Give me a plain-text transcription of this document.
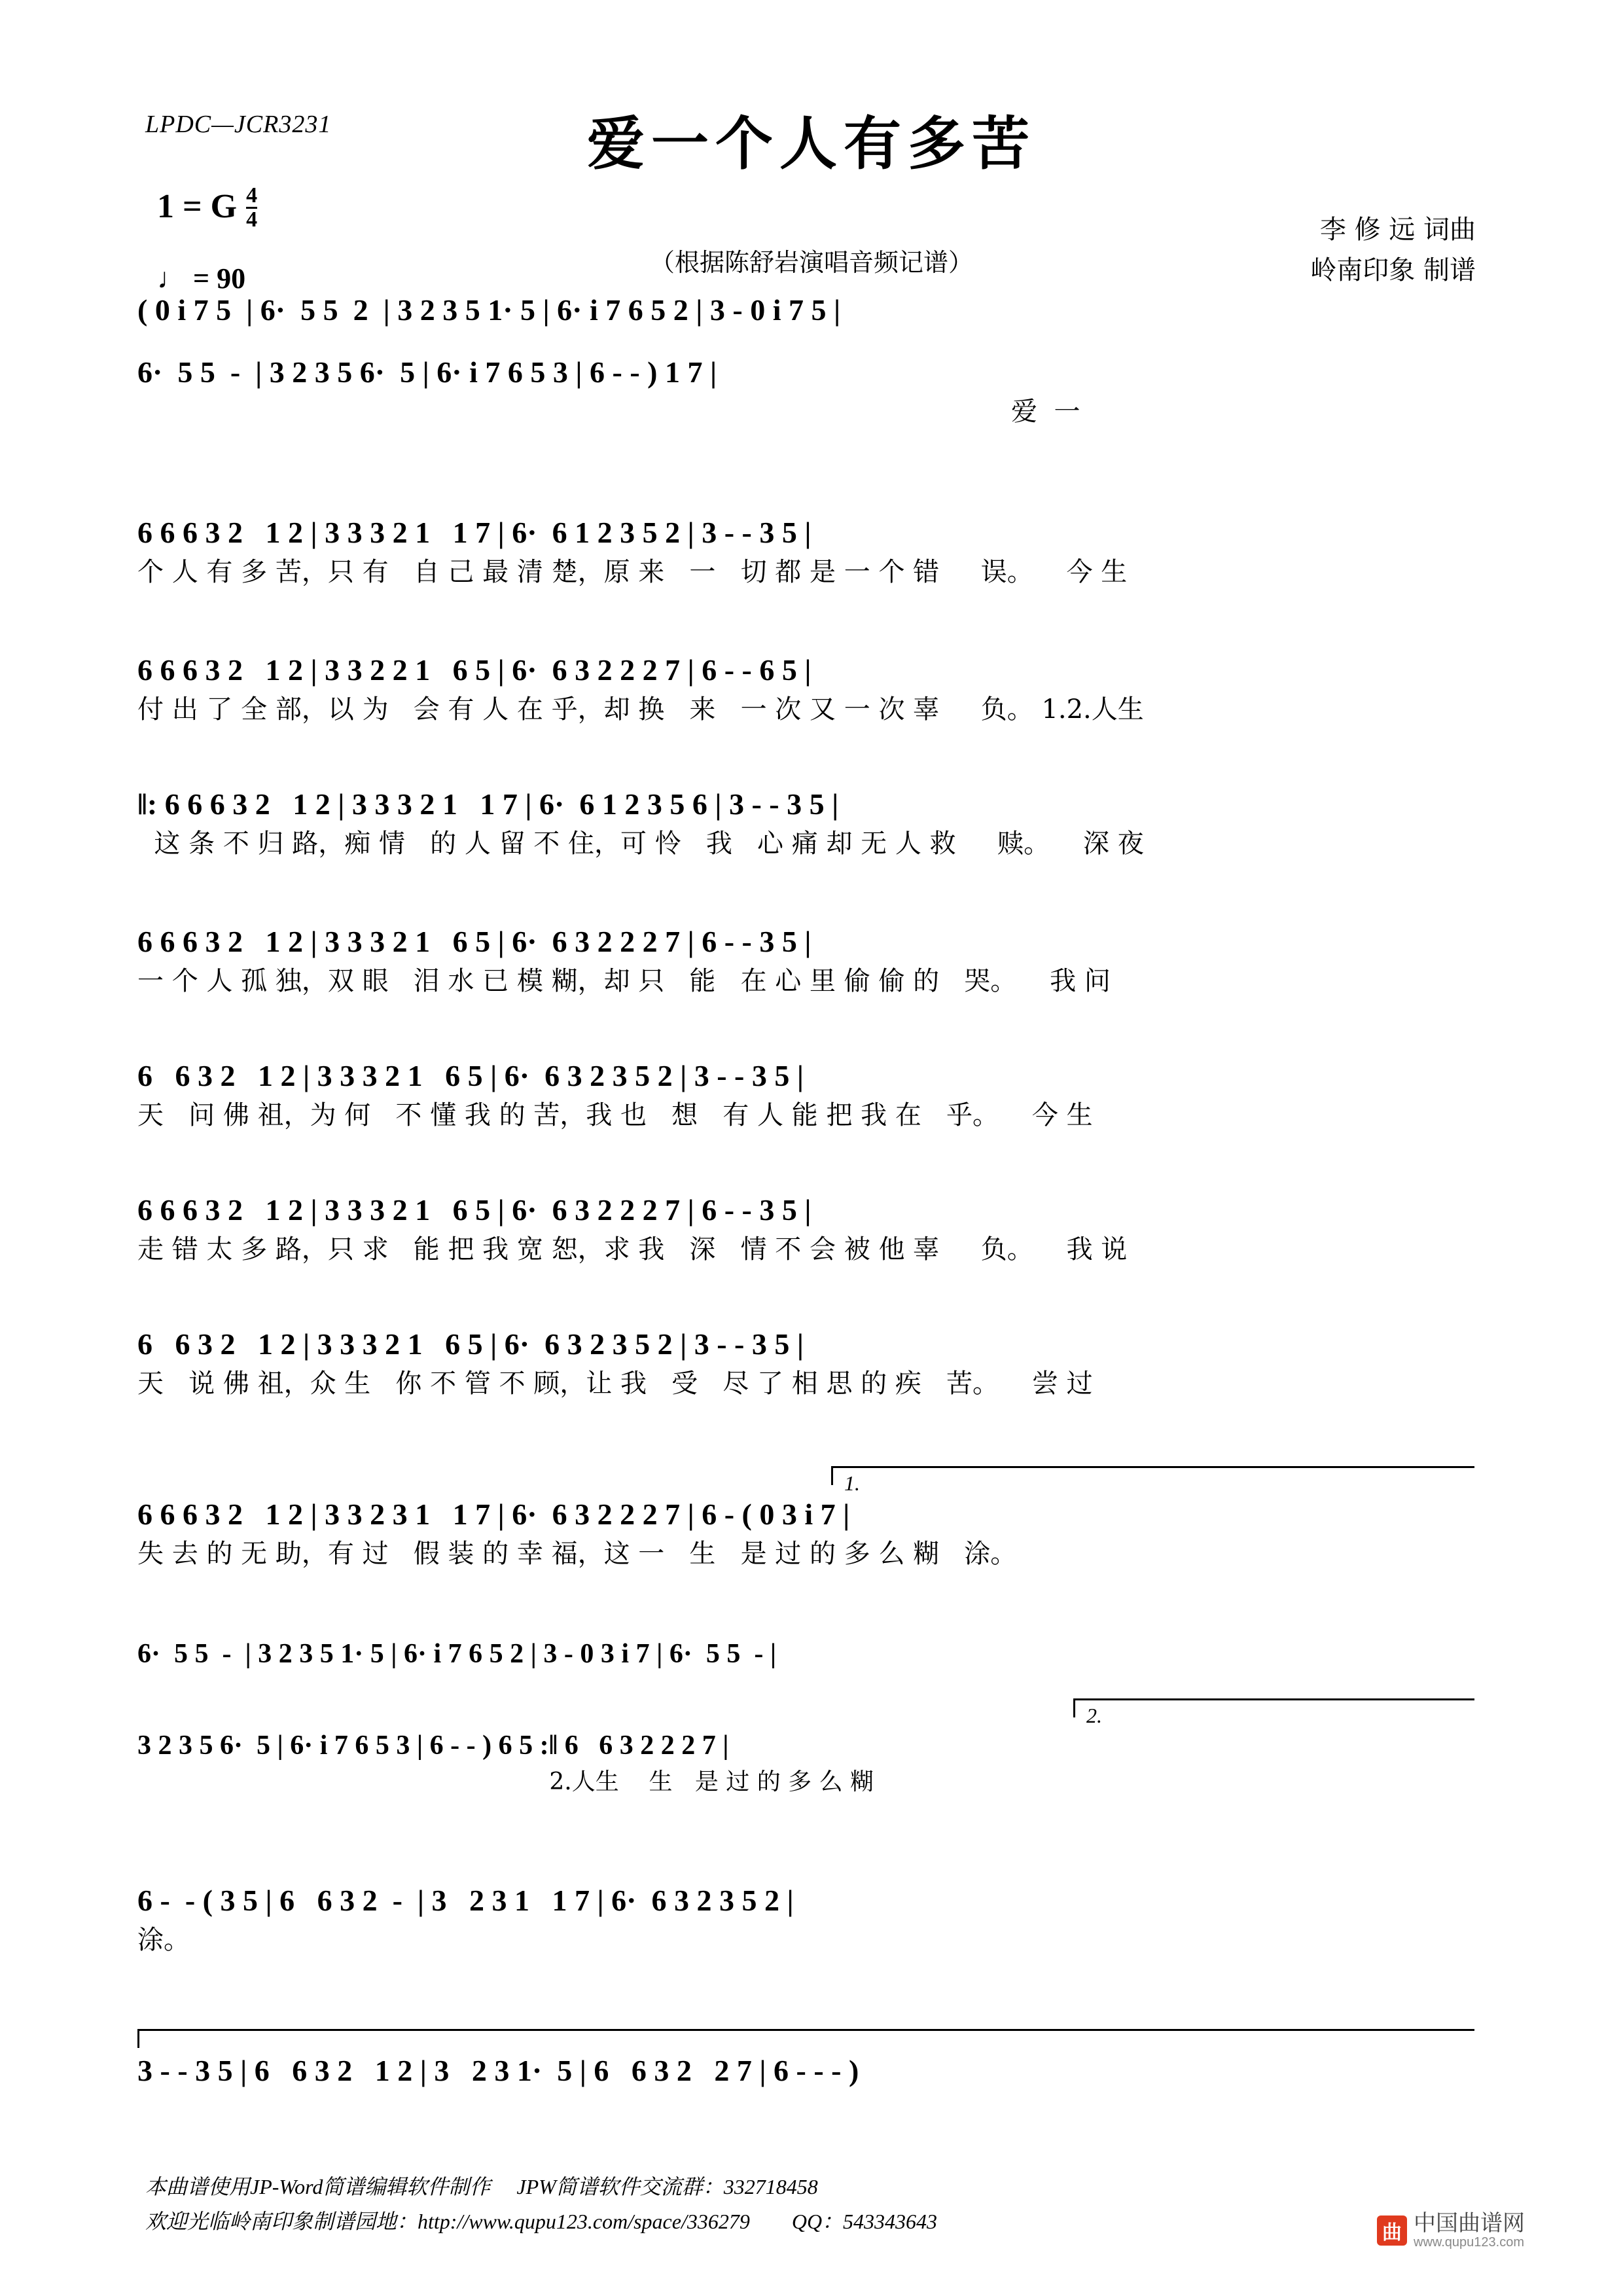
LPDC—JCR3231	爱一个人有多苦
（根据陈舒岩演唱音频记谱）
李 修 远 词曲
岭南印象 制谱
1 = G $\frac{4}{4}$
♩ = 90
( 0 i 7 5  | 6·  5 5  2  | 3 2 3 5 1· 5 | 6· i 7 6 5 2 | 3 - 0 i 7 5 |
6·  5 5  -  | 3 2 3 5 6·  5 | 6· i 7 6 5 3 | 6 - - ) 1 7 |
爱  一
6 6 6 3 2   1 2 | 3 3 3 2 1   1 7 | 6·  6 1 2 3 5 2 | 3 - - 3 5 |
个 人 有 多 苦，只 有   自 己 最 清 楚，原 来   一   切 都 是 一 个 错     误。    今 生
6 6 6 3 2   1 2 | 3 3 2 2 1   6 5 | 6·  6 3 2 2 2 7 | 6 - - 6 5 |
付 出 了 全 部，以 为   会 有 人 在 乎，却 换   来   一 次 又 一 次 辜     负。 1.2.人生
‖: 6 6 6 3 2   1 2 | 3 3 3 2 1   1 7 | 6·  6 1 2 3 5 6 | 3 - - 3 5 |
这 条 不 归 路，痴 情   的 人 留 不 住，可 怜   我   心 痛 却 无 人 救     赎。    深 夜
6 6 6 3 2   1 2 | 3 3 3 2 1   6 5 | 6·  6 3 2 2 2 7 | 6 - - 3 5 |
一 个 人 孤 独，双 眼   泪 水 已 模 糊，却 只   能   在 心 里 偷 偷 的   哭。    我 问
6   6 3 2   1 2 | 3 3 3 2 1   6 5 | 6·  6 3 2 3 5 2 | 3 - - 3 5 |
天   问 佛 祖，为 何   不 懂 我 的 苦，我 也   想   有 人 能 把 我 在   乎。    今 生
6 6 6 3 2   1 2 | 3 3 3 2 1   6 5 | 6·  6 3 2 2 2 7 | 6 - - 3 5 |
走 错 太 多 路，只 求   能 把 我 宽 恕，求 我   深   情 不 会 被 他 辜     负。    我 说
6   6 3 2   1 2 | 3 3 3 2 1   6 5 | 6·  6 3 2 3 5 2 | 3 - - 3 5 |
天   说 佛 祖，众 生   你 不 管 不 顾，让 我   受   尽 了 相 思 的 疾   苦。    尝 过
1.
6 6 6 3 2   1 2 | 3 3 2 3 1   1 7 | 6·  6 3 2 2 2 7 | 6 - ( 0 3 i 7 |
失 去 的 无 助，有 过   假 装 的 幸 福，这 一   生   是 过 的 多 么 糊   涂。
6·  5 5  -  | 3 2 3 5 1· 5 | 6· i 7 6 5 2 | 3 - 0 3 i 7 | 6·  5 5  - |
2.
3 2 3 5 6·  5 | 6· i 7 6 5 3 | 6 - - ) 6 5 :‖ 6   6 3 2 2 2 7 |
2.人生    生   是 过 的 多 么 糊
6 -  - ( 3 5 | 6   6 3 2  -  | 3   2 3 1   1 7 | 6·  6 3 2 3 5 2 |
涂。
3 - - 3 5 | 6   6 3 2   1 2 | 3   2 3 1·  5 | 6   6 3 2   2 7 | 6 - - - )
本曲谱使用JP-Word简谱编辑软件制作     JPW简谱软件交流群：332718458
欢迎光临岭南印象制谱园地：http://www.qupu123.com/space/336279        QQ：543343643
曲 中国曲谱网
www.qupu123.com
